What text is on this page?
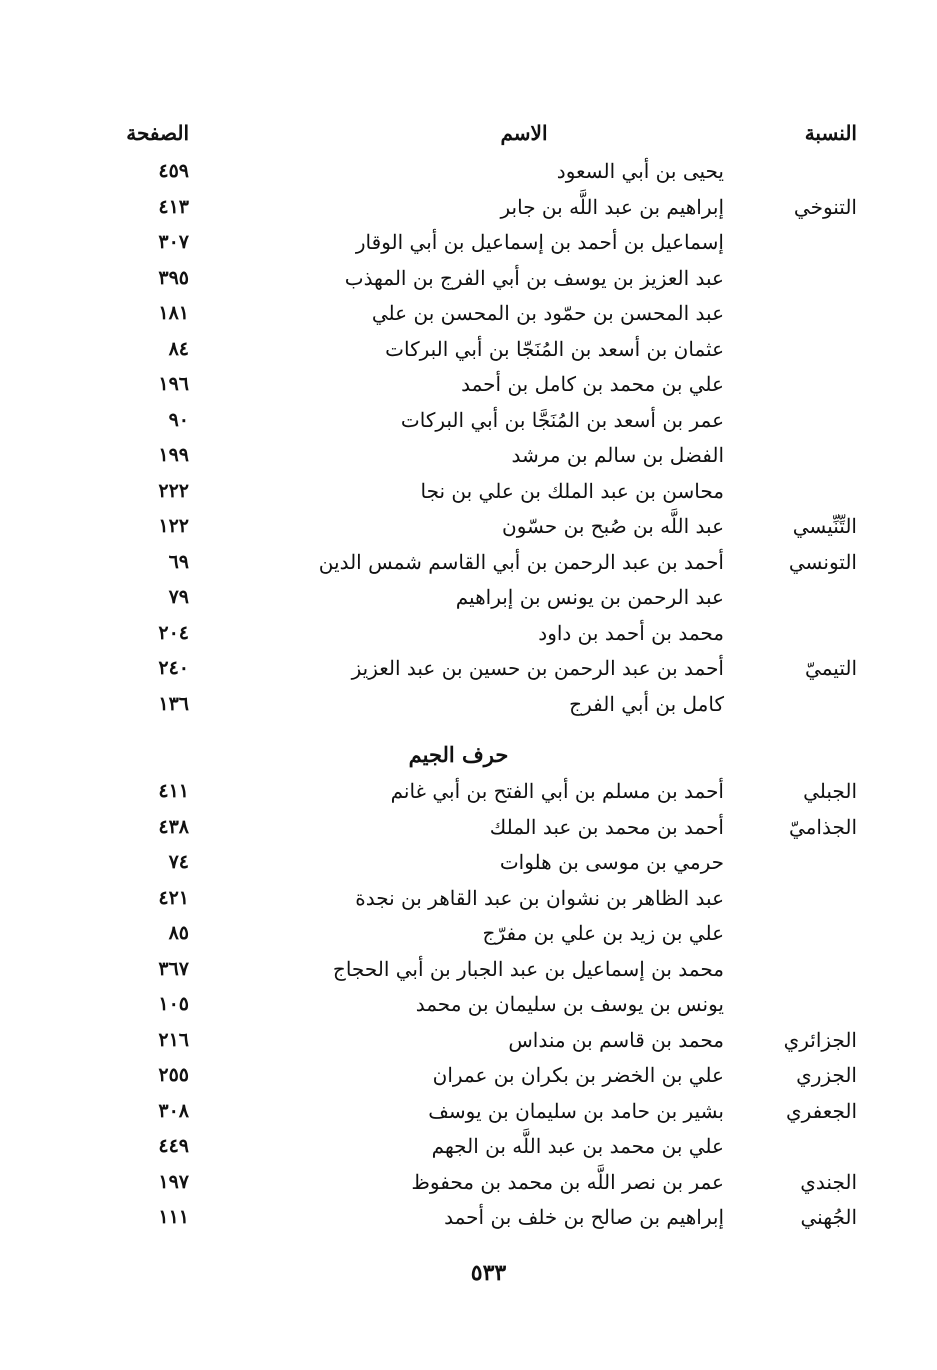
النسبة
الاسم
الصفحة
يحيى بن أبي السعود
٤٥٩
التنوخي
إبراهيم بن عبد اللَّه بن جابر
٤١٣
إسماعيل بن أحمد بن إسماعيل بن أبي الوقار
٣٠٧
عبد العزيز بن يوسف بن أبي الفرج بن المهذب
٣٩٥
عبد المحسن بن حمّود بن المحسن بن علي
١٨١
عثمان بن أسعد بن المُنَجّا بن أبي البركات
٨٤
علي بن محمد بن كامل بن أحمد
١٩٦
عمر بن أسعد بن المُنَجَّا بن أبي البركات
٩٠
الفضل بن سالم بن مرشد
١٩٩
محاسن بن عبد الملك بن علي بن نجا
٢٢٢
التِّنِّيسي
عبد اللَّه بن صُبح بن حسّون
١٢٢
التونسي
أحمد بن عبد الرحمن بن أبي القاسم شمس الدين
٦٩
عبد الرحمن بن يونس بن إبراهيم
٧٩
محمد بن أحمد بن داود
٢٠٤
التيميّ
أحمد بن عبد الرحمن بن حسين بن عبد العزيز
٢٤٠
كامل بن أبي الفرج
١٣٦
حرف الجيم
الجبلي
أحمد بن مسلم بن أبي الفتح بن أبي غانم
٤١١
الجذاميّ
أحمد بن محمد بن عبد الملك
٤٣٨
حرمي بن موسى بن هلوات
٧٤
عبد الظاهر بن نشوان بن عبد القاهر بن نجدة
٤٢١
علي بن زيد بن علي بن مفرّج
٨٥
محمد بن إسماعيل بن عبد الجبار بن أبي الحجاج
٣٦٧
يونس بن يوسف بن سليمان بن محمد
١٠٥
الجزائري
محمد بن قاسم بن منداس
٢١٦
الجزري
علي بن الخضر بن بكران بن عمران
٢٥٥
الجعفري
بشير بن حامد بن سليمان بن يوسف
٣٠٨
علي بن محمد بن عبد اللَّه بن الجهم
٤٤٩
الجندي
عمر بن نصر اللَّه بن محمد بن محفوظ
١٩٧
الجُهني
إبراهيم بن صالح بن خلف بن أحمد
١١١
٥٣٣
